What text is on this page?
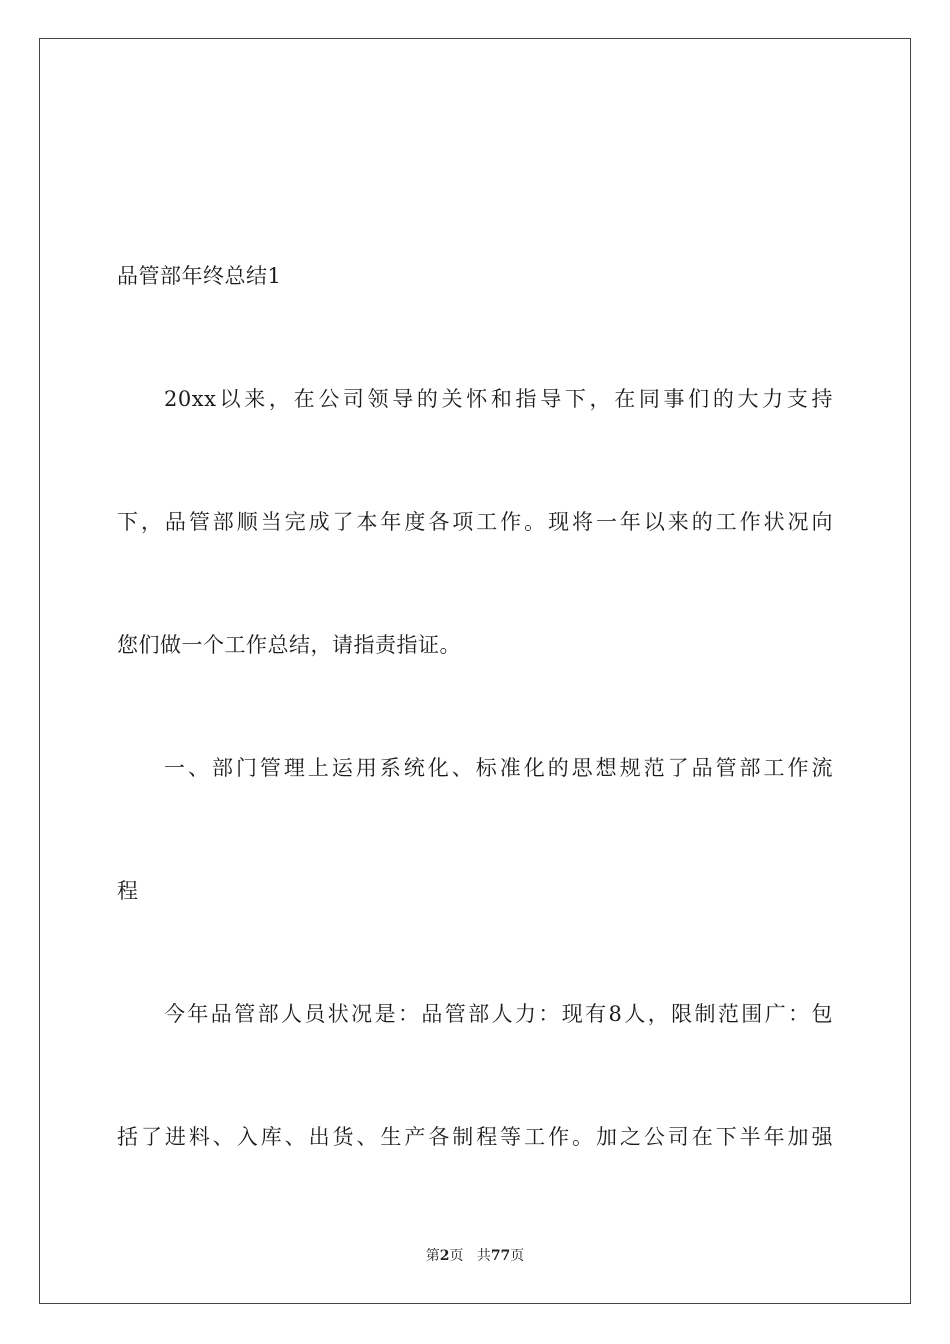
品管部年终总结1
20xx以来，在公司领导的关怀和指导下，在同事们的大力支持
下，品管部顺当完成了本年度各项工作。现将一年以来的工作状况向
您们做一个工作总结，请指责指证。
一、部门管理上运用系统化、标准化的思想规范了品管部工作流
程
今年品管部人员状况是：品管部人力：现有8人，限制范围广：包
括了进料、入库、出货、生产各制程等工作。加之公司在下半年加强
第2页 共77页
